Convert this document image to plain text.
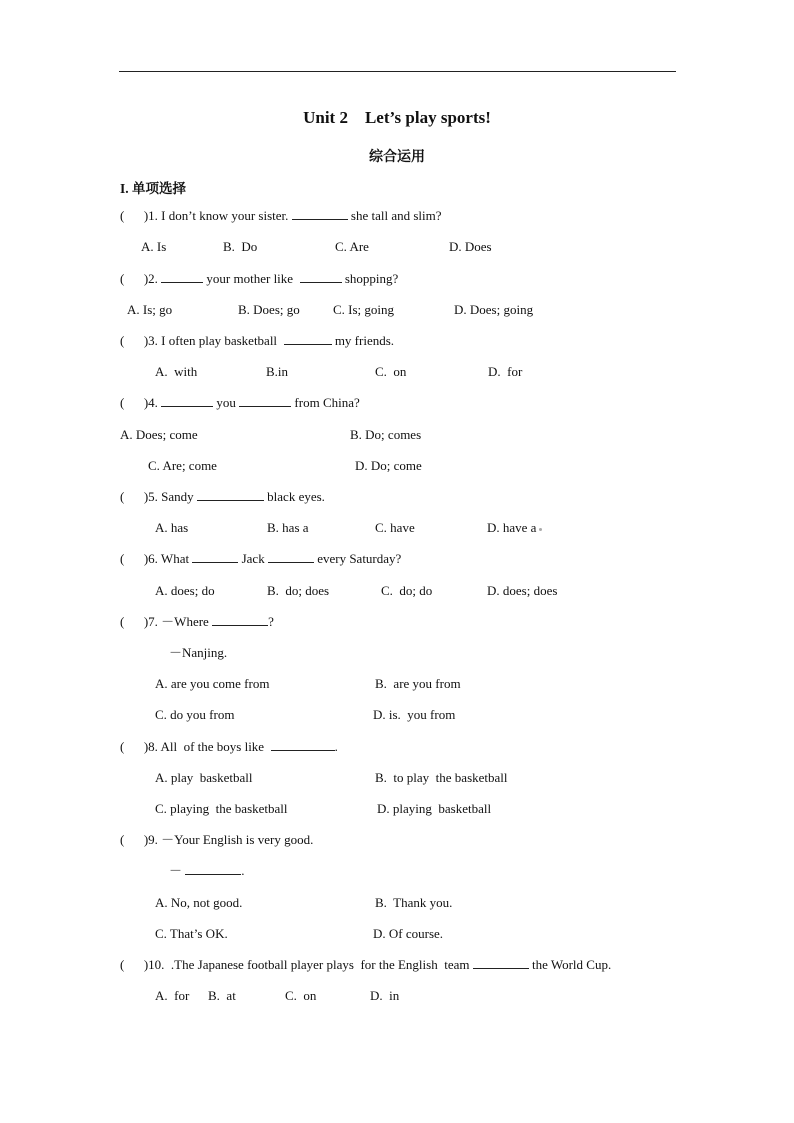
Unit 2    Let’s play sports!
综合运用
I. 单项选择
(      )1. I don’t know your sister.	she tall and slim?
A. Is	B.  Do	C. Are	D. Does
(      )2.	your mother like	shopping?
A. Is; go	B. Does; go	C. Is; going	D. Does; going
(      )3. I often play basketball	my friends.
A.  with	B.in	C.  on	D.  for
(      )4.	you	from China?
A. Does; come	B. Do; comes
C. Are; come	D. Do; come
(      )5. Sandy	black eyes.
A. has	B. has a	C. have	D. have a
(      )6. What	Jack	every Saturday?
A. does; do	B.  do; does	C.  do; do	D. does; does
(      )7. －Where	?
－Nanjing.
A. are you come from	B.  are you from
C. do you from	D. is.  you from
(      )8. All  of the boys like	.
A. play  basketball	B.  to play  the basketball
C. playing  the basketball	D. playing  basketball
(      )9. －Your English is very good.
－	.
A. No, not good.	B.  Thank you.
C. That’s OK.	D. Of course.
(      )10.  .The Japanese football player plays  for the English  team	the World Cup.
A.  for B.  at	C.  on	D.  in
